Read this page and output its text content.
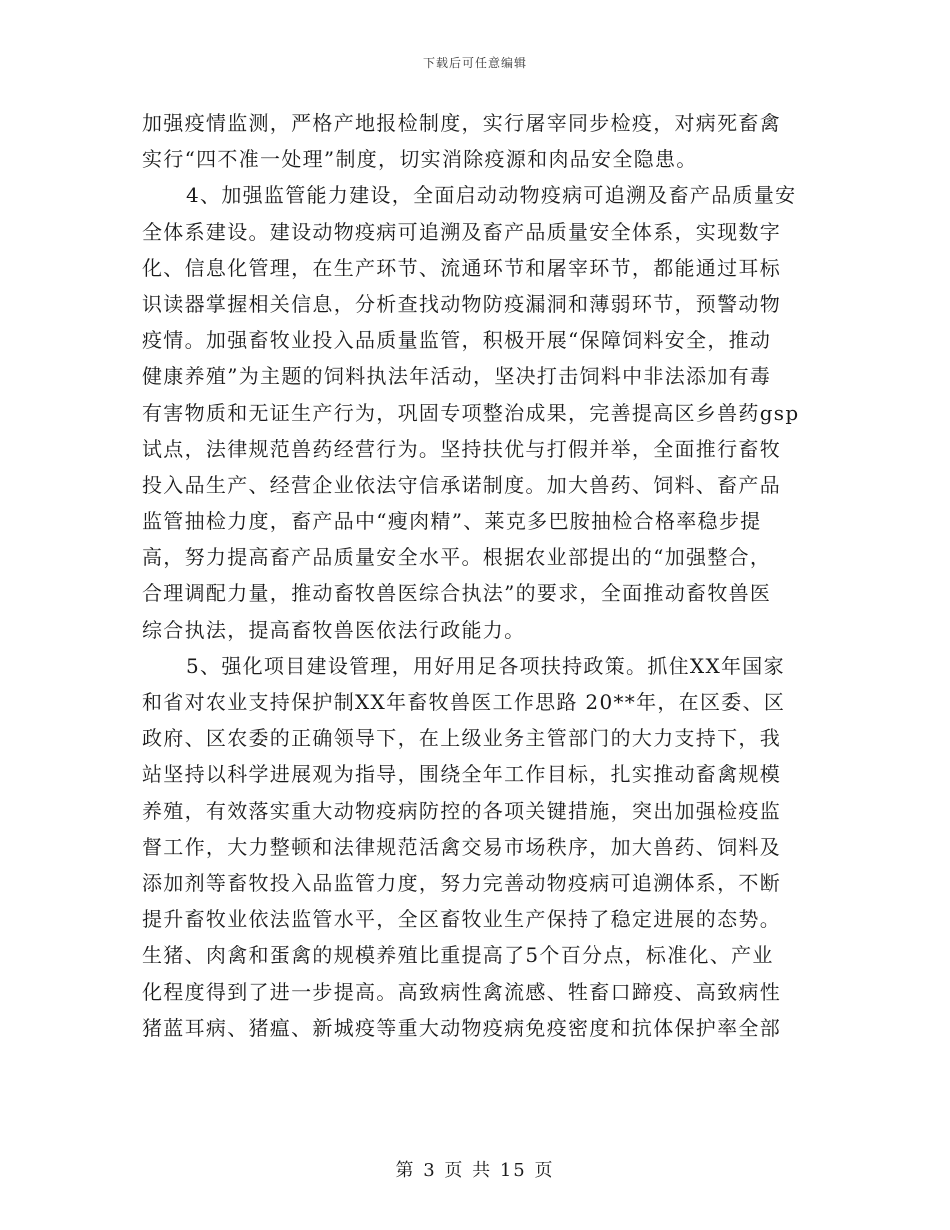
下载后可任意编辑
加强疫情监测，严格产地报检制度，实行屠宰同步检疫，对病死畜禽
实行“四不准一处理”制度，切实消除疫源和肉品安全隐患。
4、加强监管能力建设，全面启动动物疫病可追溯及畜产品质量安
全体系建设。建设动物疫病可追溯及畜产品质量安全体系，实现数字
化、信息化管理，在生产环节、流通环节和屠宰环节，都能通过耳标
识读器掌握相关信息，分析查找动物防疫漏洞和薄弱环节，预警动物
疫情。加强畜牧业投入品质量监管，积极开展“保障饲料安全，推动
健康养殖”为主题的饲料执法年活动，坚决打击饲料中非法添加有毒
有害物质和无证生产行为，巩固专项整治成果，完善提高区乡兽药gsp
试点，法律规范兽药经营行为。坚持扶优与打假并举，全面推行畜牧
投入品生产、经营企业依法守信承诺制度。加大兽药、饲料、畜产品
监管抽检力度，畜产品中“瘦肉精”、莱克多巴胺抽检合格率稳步提
高，努力提高畜产品质量安全水平。根据农业部提出的“加强整合，
合理调配力量，推动畜牧兽医综合执法”的要求，全面推动畜牧兽医
综合执法，提高畜牧兽医依法行政能力。
5、强化项目建设管理，用好用足各项扶持政策。抓住XX年国家
和省对农业支持保护制XX年畜牧兽医工作思路 20**年，在区委、区
政府、区农委的正确领导下，在上级业务主管部门的大力支持下，我
站坚持以科学进展观为指导，围绕全年工作目标，扎实推动畜禽规模
养殖，有效落实重大动物疫病防控的各项关键措施，突出加强检疫监
督工作，大力整顿和法律规范活禽交易市场秩序，加大兽药、饲料及
添加剂等畜牧投入品监管力度，努力完善动物疫病可追溯体系，不断
提升畜牧业依法监管水平，全区畜牧业生产保持了稳定进展的态势。
生猪、肉禽和蛋禽的规模养殖比重提高了5个百分点，标准化、产业
化程度得到了进一步提高。高致病性禽流感、牲畜口蹄疫、高致病性
猪蓝耳病、猪瘟、新城疫等重大动物疫病免疫密度和抗体保护率全部
第 3 页 共 15 页
